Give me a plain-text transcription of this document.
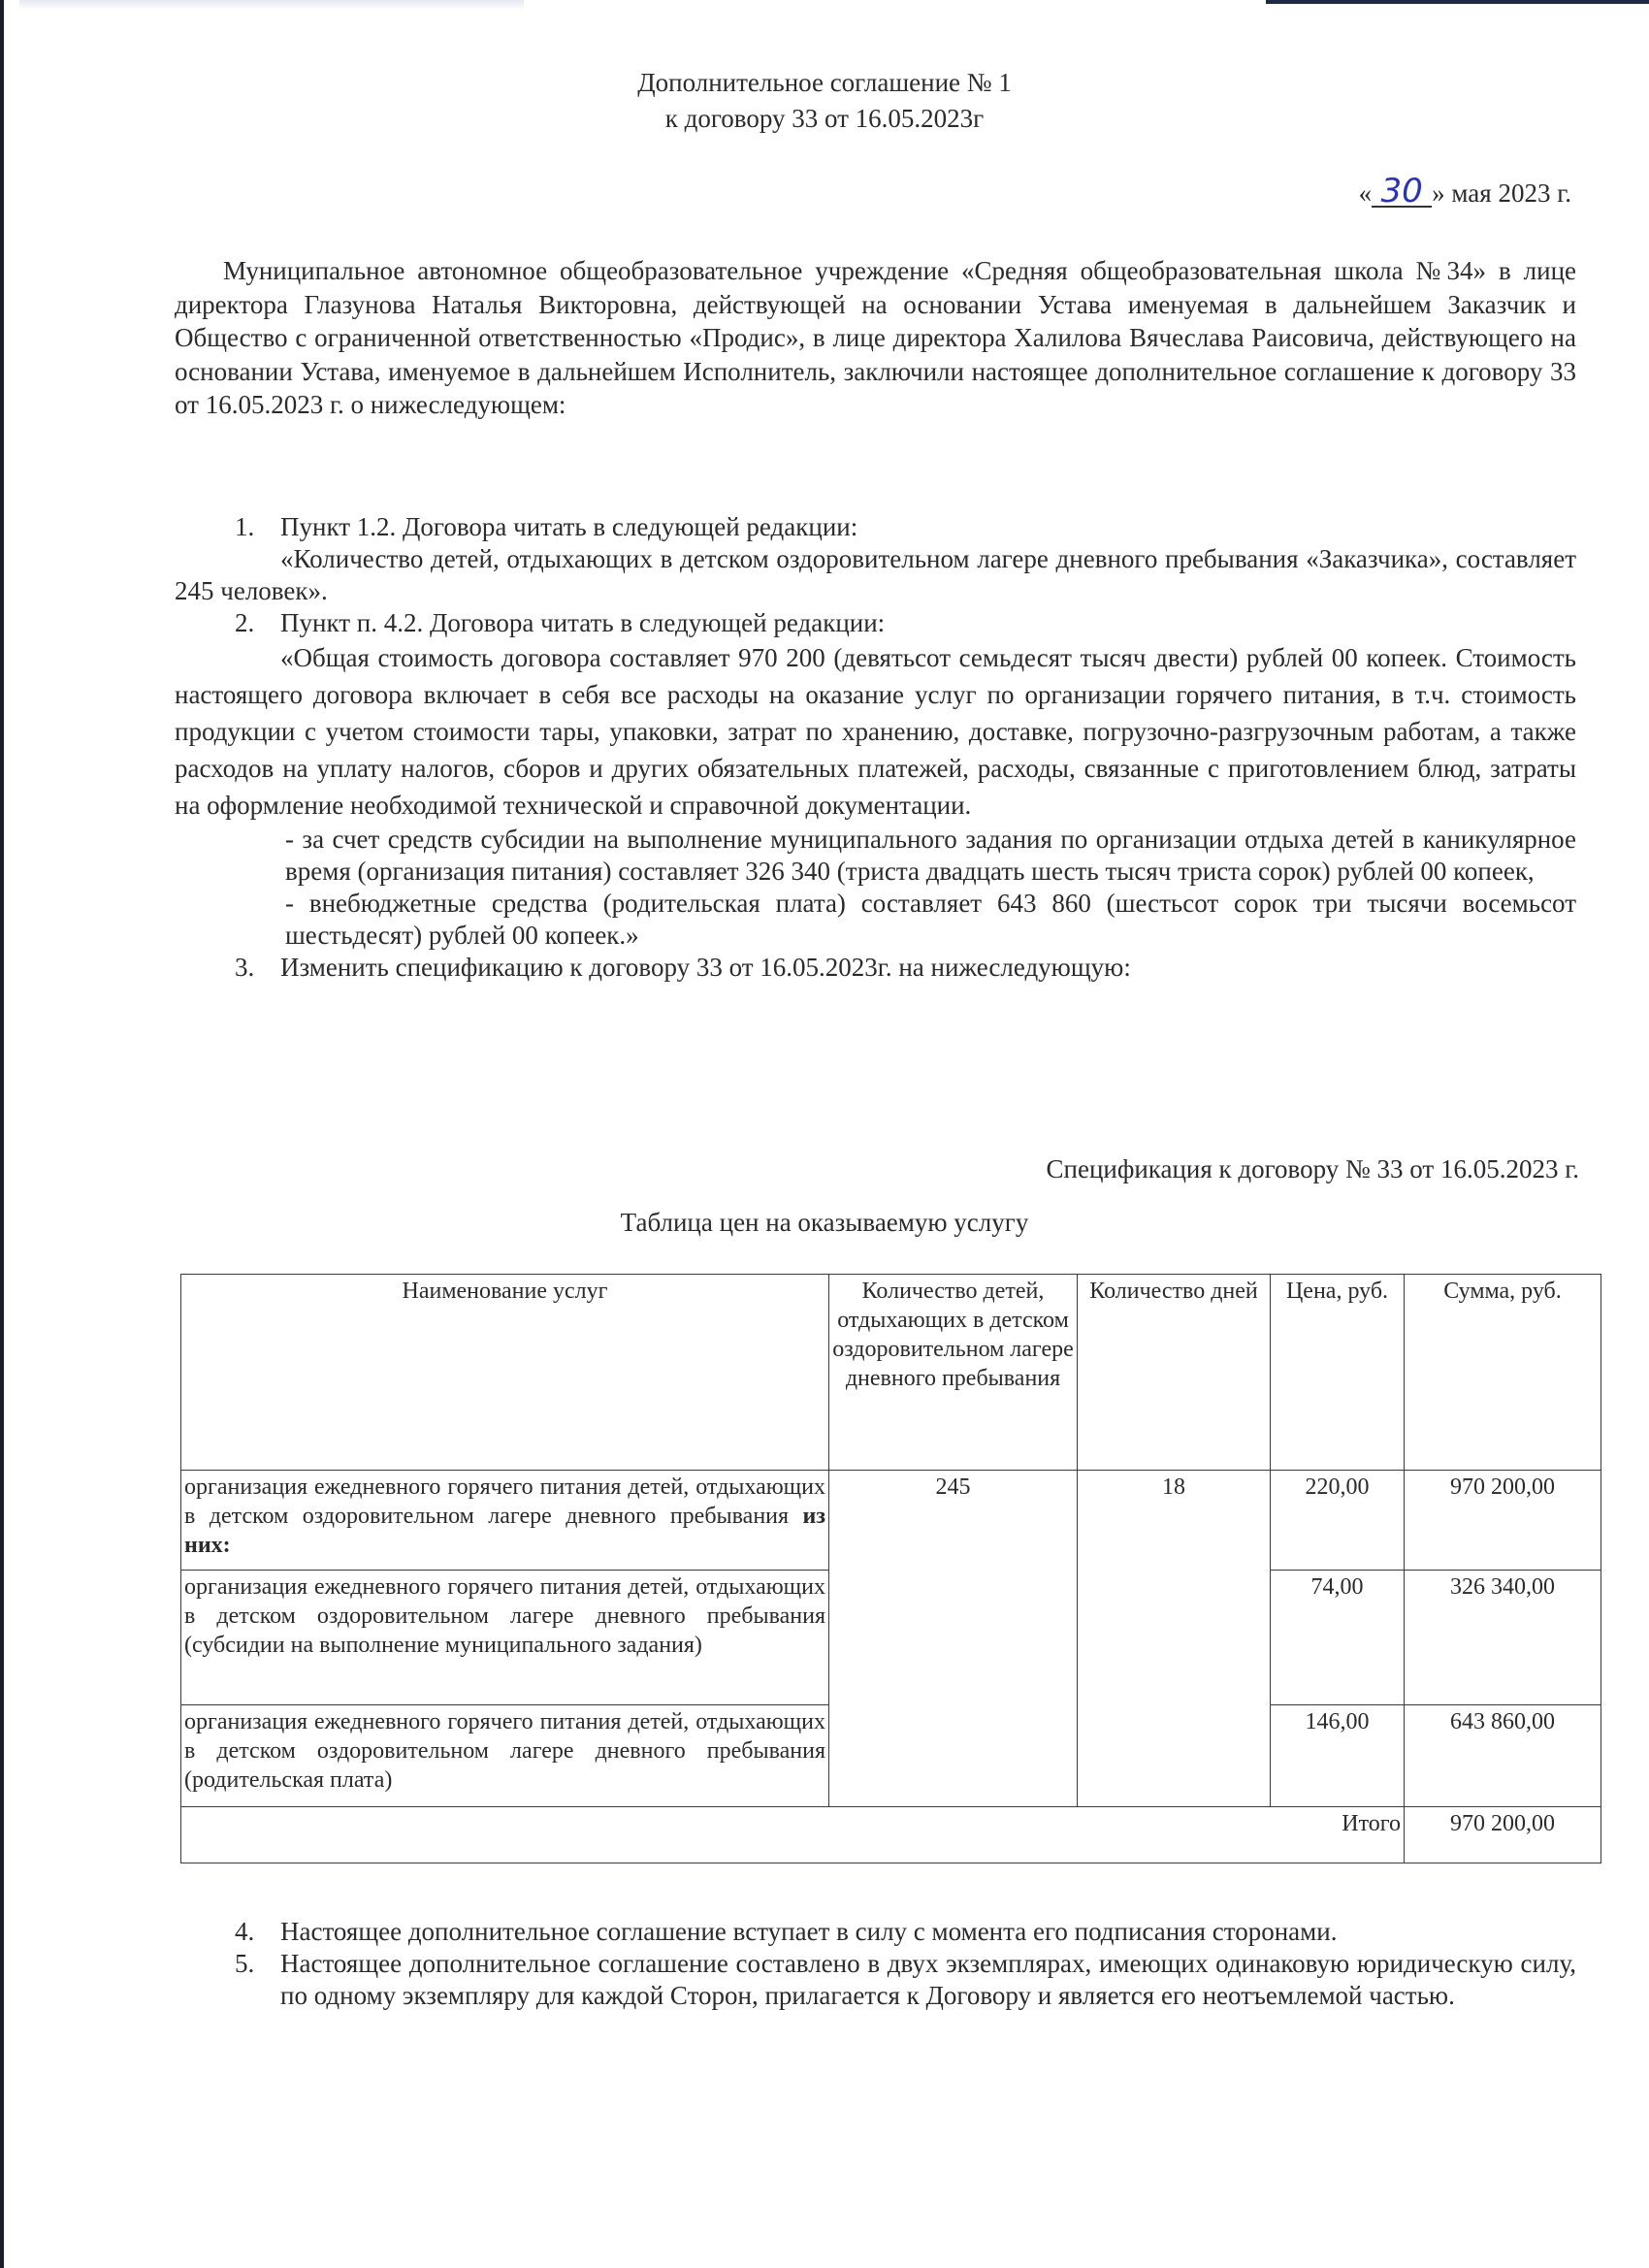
Дополнительное соглашение № 1
к договору 33 от 16.05.2023г
« 30 » мая 2023 г.
Муниципальное автономное общеобразовательное учреждение «Средняя общеобразовательная школа №34» в лице директора Глазунова Наталья Викторовна, действующей на основании Устава именуемая в дальнейшем Заказчик и Общество с ограниченной ответственностью «Продис», в лице директора Халилова Вячеслава Раисовича, действующего на основании Устава, именуемое в дальнейшем Исполнитель, заключили настоящее дополнительное соглашение к договору 33 от 16.05.2023 г. о нижеследующем:
1. Пункт 1.2. Договора читать в следующей редакции:
«Количество детей, отдыхающих в детском оздоровительном лагере дневного пребывания «Заказчика», составляет 245 человек».
2. Пункт п. 4.2. Договора читать в следующей редакции:
«Общая стоимость договора составляет 970 200 (девятьсот семьдесят тысяч двести) рублей 00 копеек. Стоимость настоящего договора включает в себя все расходы на оказание услуг по организации горячего питания, в т.ч. стоимость продукции с учетом стоимости тары, упаковки, затрат по хранению, доставке, погрузочно-разгрузочным работам, а также расходов на уплату налогов, сборов и других обязательных платежей, расходы, связанные с приготовлением блюд, затраты на оформление необходимой технической и справочной документации.
- за счет средств субсидии на выполнение муниципального задания по организации отдыха детей в каникулярное время (организация питания) составляет 326 340 (триста двадцать шесть тысяч триста сорок) рублей 00 копеек,
- внебюджетные средства (родительская плата) составляет 643 860 (шестьсот сорок три тысячи восемьсот шестьдесят) рублей 00 копеек.»
3. Изменить спецификацию к договору 33 от 16.05.2023г. на нижеследующую:
Спецификация к договору № 33 от 16.05.2023 г.
Таблица цен на оказываемую услугу
Наименование услуг	Количество детей, отдыхающих в детском оздоровительном лагере дневного пребывания	Количество дней	Цена, руб.	Сумма, руб.
организация ежедневного горячего питания детей, отдыхающих в детском оздоровительном лагере дневного пребывания из них:	245	18	220,00	970 200,00
организация ежедневного горячего питания детей, отдыхающих в детском оздоровительном лагере дневного пребывания (субсидии на выполнение муниципального задания)			74,00	326 340,00
организация ежедневного горячего питания детей, отдыхающих в детском оздоровительном лагере дневного пребывания (родительская плата)			146,00	643 860,00
Итого				970 200,00
4. Настоящее дополнительное соглашение вступает в силу с момента его подписания сторонами.
5. Настоящее дополнительное соглашение составлено в двух экземплярах, имеющих одинаковую юридическую силу, по одному экземпляру для каждой Сторон, прилагается к Договору и является его неотъемлемой частью.
